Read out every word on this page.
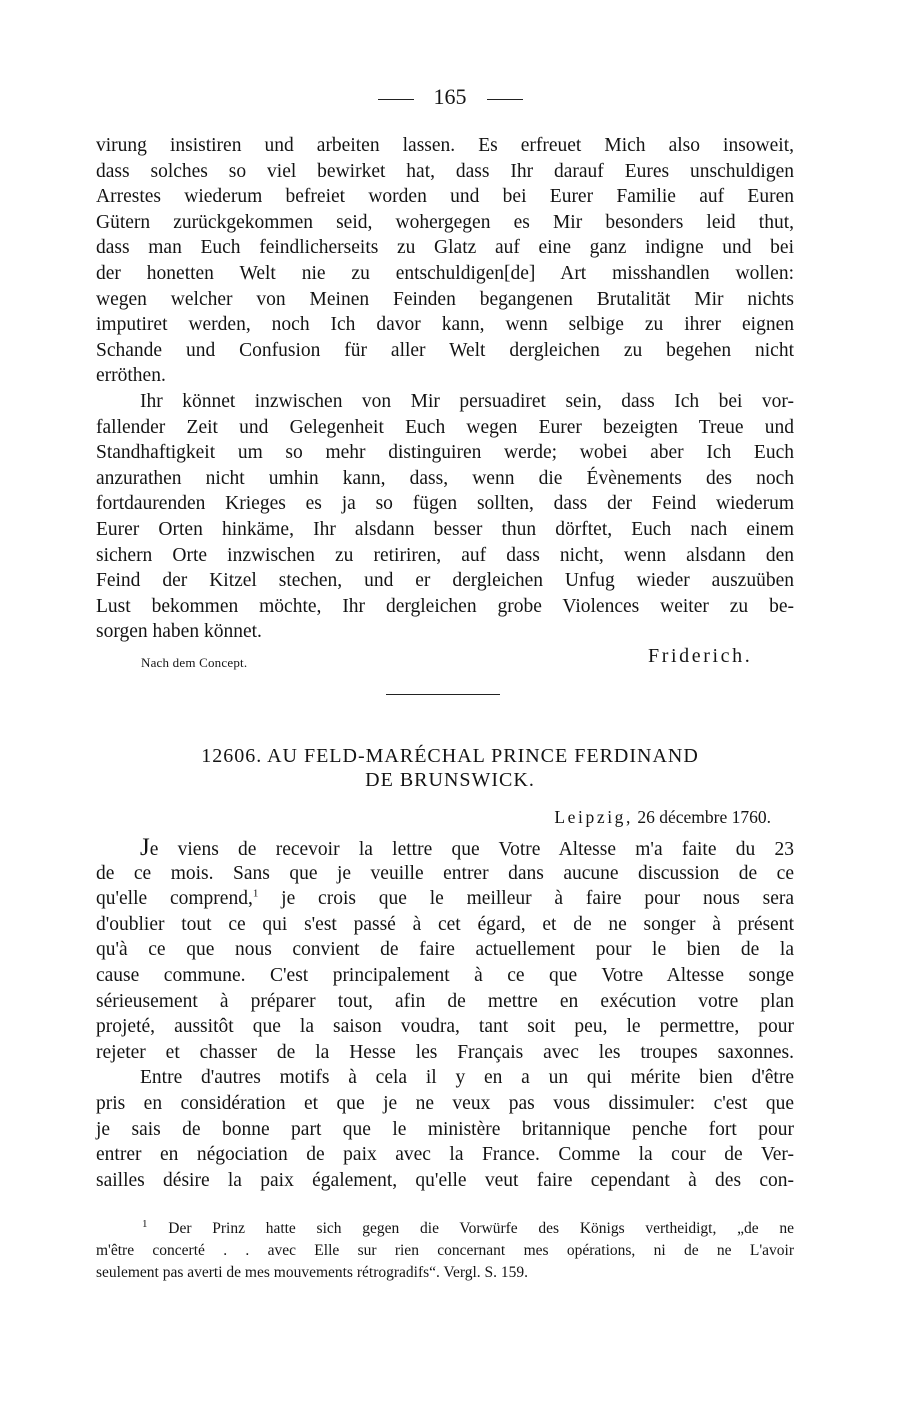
165
virung insistiren und arbeiten lassen. Es erfreuet Mich also insoweit,
dass solches so viel bewirket hat, dass Ihr darauf Eures unschuldigen
Arrestes wiederum befreiet worden und bei Eurer Familie auf Euren
Gütern zurückgekommen seid, wohergegen es Mir besonders leid thut,
dass man Euch feindlicherseits zu Glatz auf eine ganz indigne und bei
der honetten Welt nie zu entschuldigen[de] Art misshandlen wollen:
wegen welcher von Meinen Feinden begangenen Brutalität Mir nichts
imputiret werden, noch Ich davor kann, wenn selbige zu ihrer eignen
Schande und Confusion für aller Welt dergleichen zu begehen nicht
erröthen.
Ihr könnet inzwischen von Mir persuadiret sein, dass Ich bei vor-
fallender Zeit und Gelegenheit Euch wegen Eurer bezeigten Treue und
Standhaftigkeit um so mehr distinguiren werde; wobei aber Ich Euch
anzurathen nicht umhin kann, dass, wenn die Évènements des noch
fortdaurenden Krieges es ja so fügen sollten, dass der Feind wiederum
Eurer Orten hinkäme, Ihr alsdann besser thun dörftet, Euch nach einem
sichern Orte inzwischen zu retiriren, auf dass nicht, wenn alsdann den
Feind der Kitzel stechen, und er dergleichen Unfug wieder auszuüben
Lust bekommen möchte, Ihr dergleichen grobe Violences weiter zu be-
sorgen haben könnet.
Nach dem Concept.	Friderich.
12606. AU FELD-MARÉCHAL PRINCE FERDINAND
DE BRUNSWICK.
Leipzig, 26 décembre 1760.
Je viens de recevoir la lettre que Votre Altesse m'a faite du 23
de ce mois. Sans que je veuille entrer dans aucune discussion de ce
qu'elle comprend,$^1$ je crois que le meilleur à faire pour nous sera
d'oublier tout ce qui s'est passé à cet égard, et de ne songer à présent
qu'à ce que nous convient de faire actuellement pour le bien de la
cause commune. C'est principalement à ce que Votre Altesse songe
sérieusement à préparer tout, afin de mettre en exécution votre plan
projeté, aussitôt que la saison voudra, tant soit peu, le permettre, pour
rejeter et chasser de la Hesse les Français avec les troupes saxonnes.
Entre d'autres motifs à cela il y en a un qui mérite bien d'être
pris en considération et que je ne veux pas vous dissimuler: c'est que
je sais de bonne part que le ministère britannique penche fort pour
entrer en négociation de paix avec la France. Comme la cour de Ver-
sailles désire la paix également, qu'elle veut faire cependant à des con-
$^1$ Der Prinz hatte sich gegen die Vorwürfe des Königs vertheidigt, „de ne
m'être concerté . . avec Elle sur rien concernant mes opérations, ni de ne L'avoir
seulement pas averti de mes mouvements rétrogradifs“. Vergl. S. 159.
